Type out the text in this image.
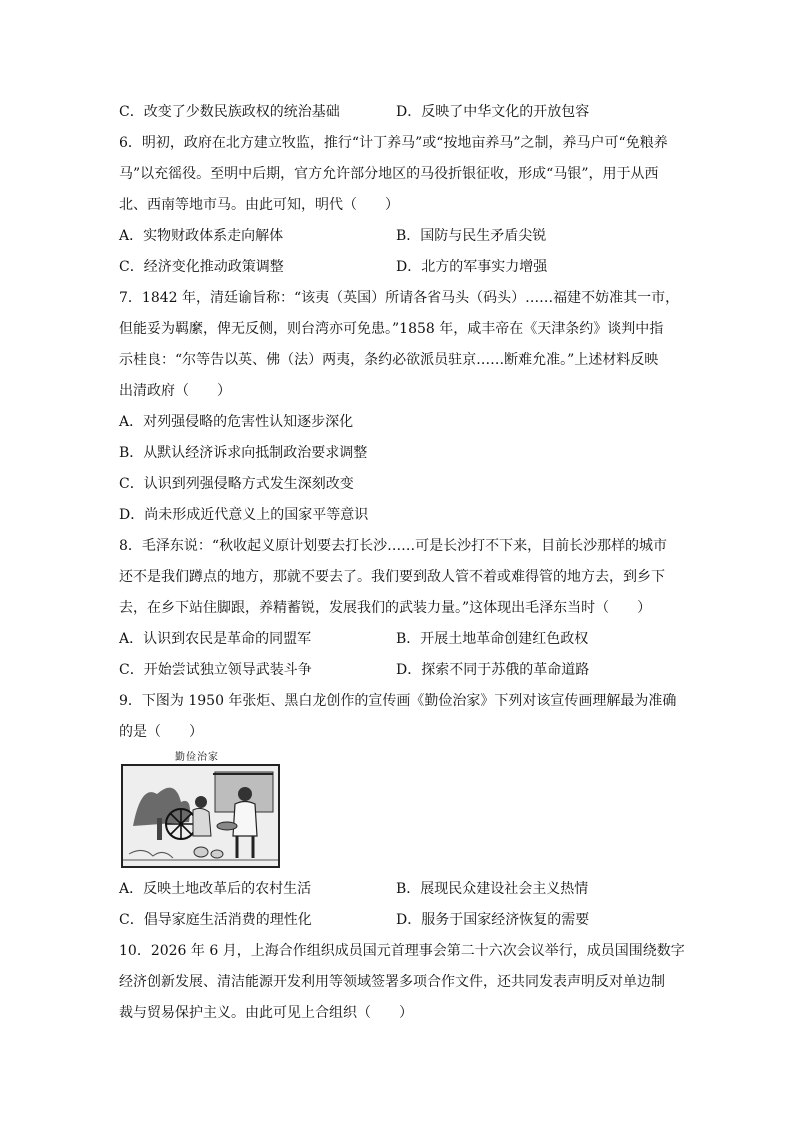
C．改变了少数民族政权的统治基础	D．反映了中华文化的开放包容
6．明初，政府在北方建立牧监，推行“计丁养马”或“按地亩养马”之制，养马户可“免粮养
马”以充徭役。至明中后期，官方允许部分地区的马役折银征收，形成“马银”，用于从西
北、西南等地市马。由此可知，明代（　　）
A．实物财政体系走向解体	B．国防与民生矛盾尖锐
C．经济变化推动政策调整	D．北方的军事实力增强
7．1842 年，清廷谕旨称：“该夷（英国）所请各省马头（码头）……福建不妨准其一市，
但能妥为羁縻，俾无反侧，则台湾亦可免患。”1858 年，咸丰帝在《天津条约》谈判中指
示桂良：“尔等告以英、佛（法）两夷，条约必欲派员驻京……断难允准。”上述材料反映
出清政府（　　）
A．对列强侵略的危害性认知逐步深化
B．从默认经济诉求向抵制政治要求调整
C．认识到列强侵略方式发生深刻改变
D．尚未形成近代意义上的国家平等意识
8．毛泽东说：“秋收起义原计划要去打长沙……可是长沙打不下来，目前长沙那样的城市
还不是我们蹲点的地方，那就不要去了。我们要到敌人管不着或难得管的地方去，到乡下
去，在乡下站住脚跟，养精蓄锐，发展我们的武装力量。”这体现出毛泽东当时（　　）
A．认识到农民是革命的同盟军	B．开展土地革命创建红色政权
C．开始尝试独立领导武装斗争	D．探索不同于苏俄的革命道路
9．下图为 1950 年张炬、黑白龙创作的宣传画《勤俭治家》下列对该宣传画理解最为准确
的是（　　）
勤俭治家
A．反映土地改革后的农村生活	B．展现民众建设社会主义热情
C．倡导家庭生活消费的理性化	D．服务于国家经济恢复的需要
10．2026 年 6 月，上海合作组织成员国元首理事会第二十六次会议举行，成员国围绕数字
经济创新发展、清洁能源开发利用等领域签署多项合作文件，还共同发表声明反对单边制
裁与贸易保护主义。由此可见上合组织（　　）
